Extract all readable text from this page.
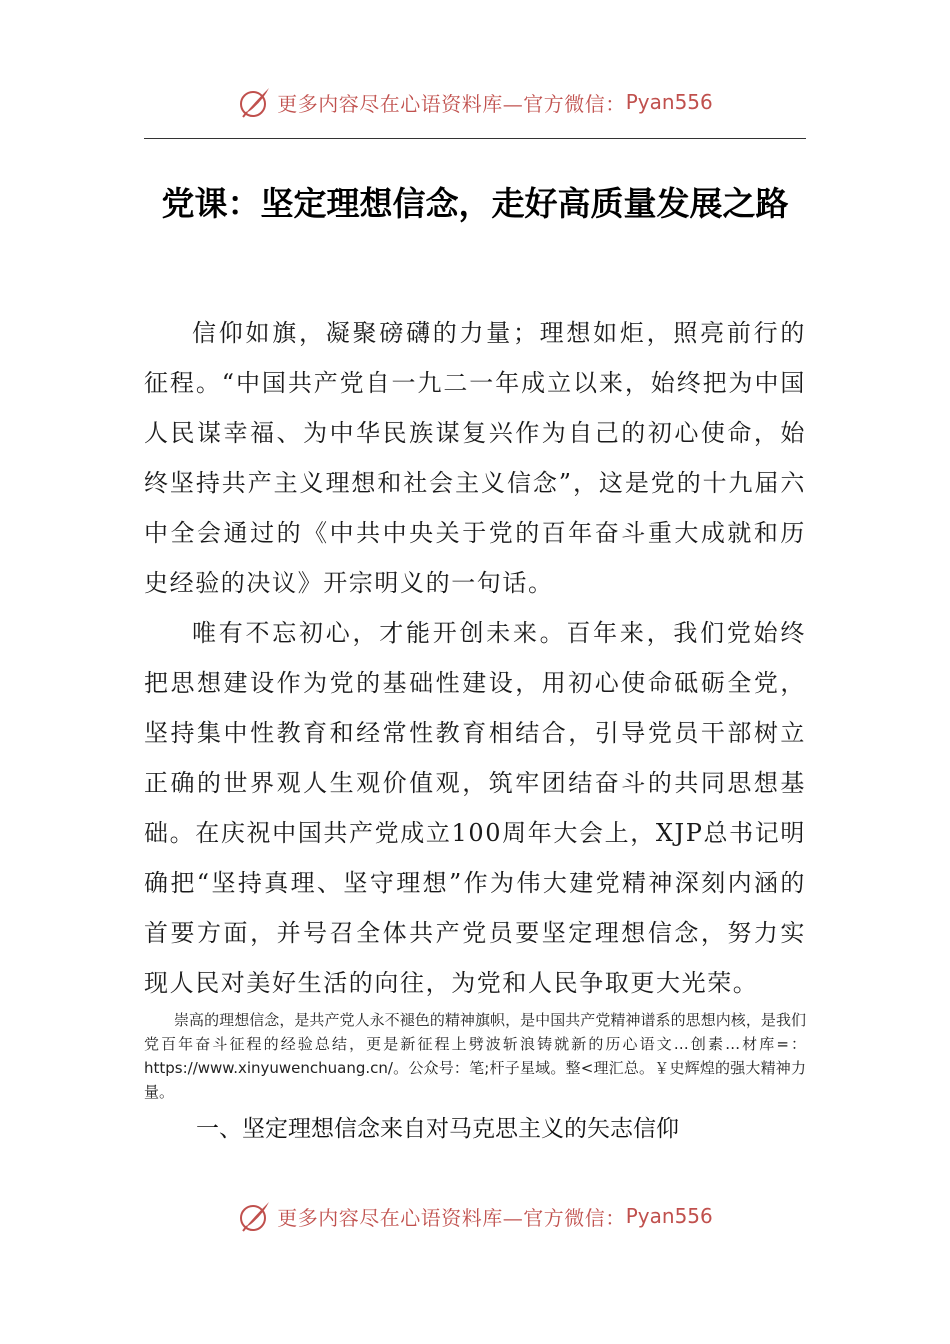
更多内容尽在心语资料库—官方微信： Pyan556
党课：坚定理想信念，走好高质量发展之路

信仰如旗，凝聚磅礴的力量；理想如炬，照亮前行的征程。“中国共产党自一九二一年成立以来，始终把为中国人民谋幸福、为中华民族谋复兴作为自己的初心使命，始终坚持共产主义理想和社会主义信念”，这是党的十九届六中全会通过的《中共中央关于党的百年奋斗重大成就和历史经验的决议》开宗明义的一句话。

唯有不忘初心，才能开创未来。百年来，我们党始终把思想建设作为党的基础性建设，用初心使命砥砺全党，坚持集中性教育和经常性教育相结合，引导党员干部树立正确的世界观人生观价值观，筑牢团结奋斗的共同思想基础。在庆祝中国共产党成立100周年大会上，XJP总书记明确把“坚持真理、坚守理想”作为伟大建党精神深刻内涵的首要方面，并号召全体共产党员要坚定理想信念，努力实现人民对美好生活的向往，为党和人民争取更大光荣。

崇高的理想信念，是共产党人永不褪色的精神旗帜，是中国共产党精神谱系的思想内核，是我们党百年奋斗征程的经验总结，更是新征程上劈波斩浪铸就新的历心语文…创素…材库=：https://www.xinyuwenchuang.cn/。公众号：笔;杆子星域。整<理汇总。￥史辉煌的强大精神力量。

一、坚定理想信念来自对马克思主义的矢志信仰
更多内容尽在心语资料库—官方微信： Pyan556
